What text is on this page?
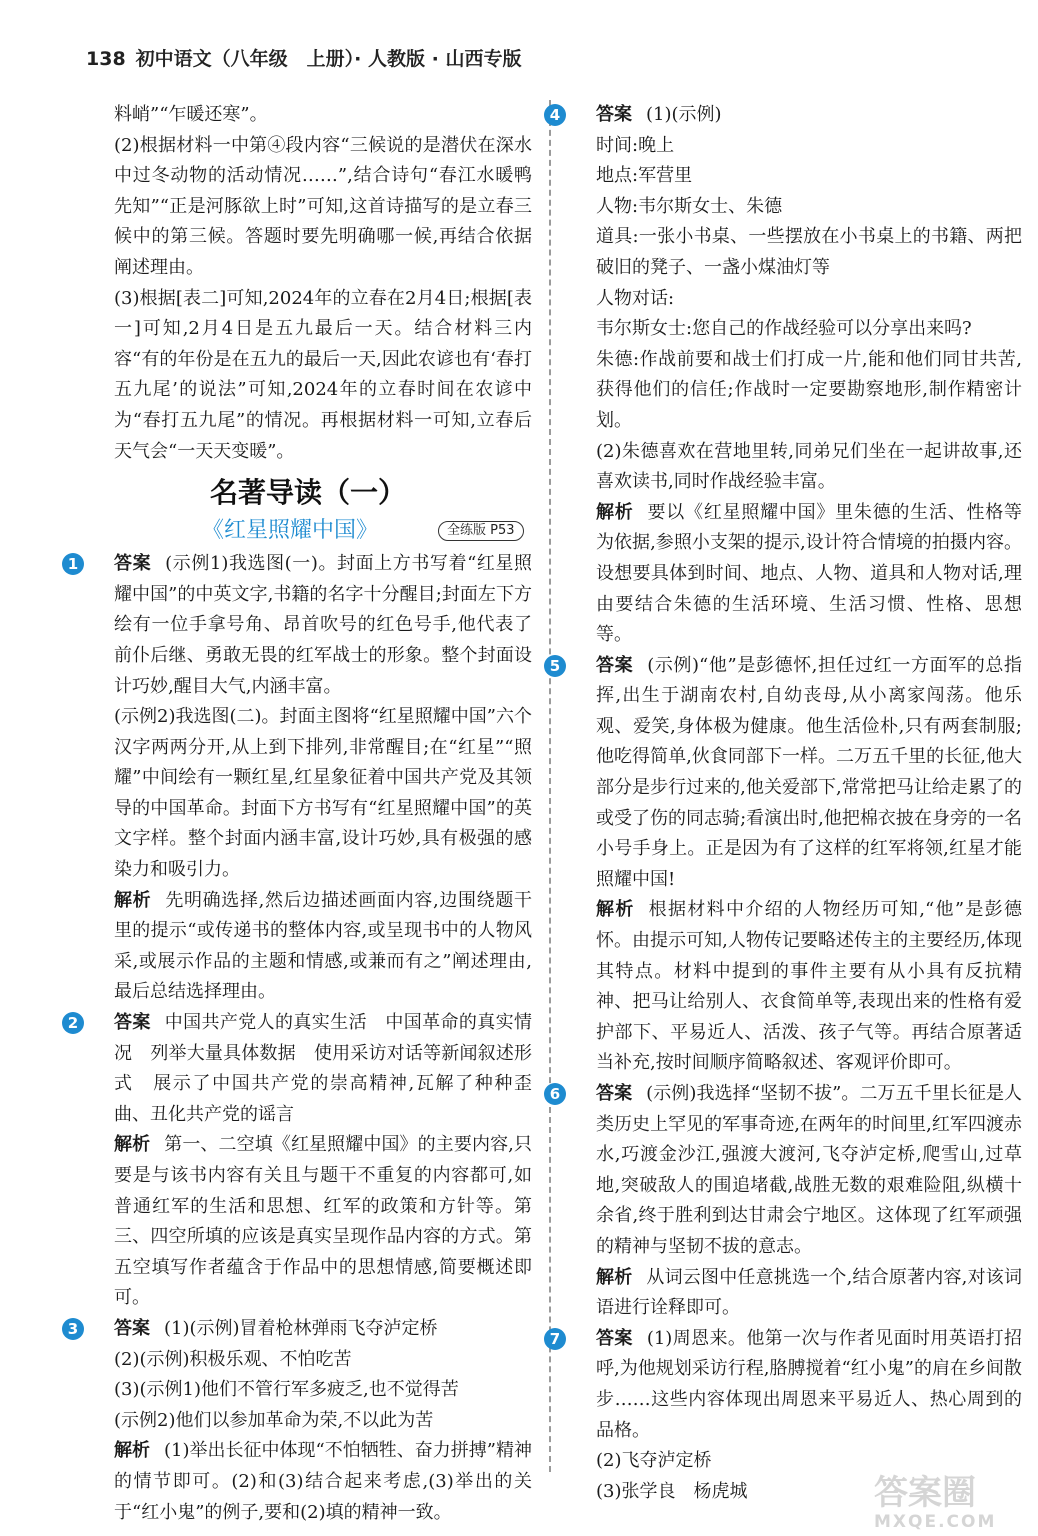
138 初中语文（八年级　上册）· 人教版 · 山西专版

料峭”“乍暖还寒”。

(2)根据材料一中第④段内容“三候说的是潜伏在深水中过冬动物的活动情况……”,结合诗句“春江水暖鸭先知”“正是河豚欲上时”可知,这首诗描写的是立春三候中的第三候。答题时要先明确哪一候,再结合依据阐述理由。

(3)根据[表二]可知,2024年的立春在2月4日;根据[表一]可知,2月4日是五九最后一天。结合材料三内容“有的年份是在五九的最后一天,因此农谚也有‘春打五九尾’的说法”可知,2024年的立春时间在农谚中为“春打五九尾”的情况。再根据材料一可知,立春后天气会“一天天变暖”。

名著导读（一）
《红星照耀中国》	全练版 P53

1	答案 (示例1)我选图(一)。封面上方书写着“红星照耀中国”的中英文字,书籍的名字十分醒目;封面左下方绘有一位手拿号角、昂首吹号的红色号手,他代表了前仆后继、勇敢无畏的红军战士的形象。整个封面设计巧妙,醒目大气,内涵丰富。

(示例2)我选图(二)。封面主图将“红星照耀中国”六个汉字两两分开,从上到下排列,非常醒目;在“红星”“照耀”中间绘有一颗红星,红星象征着中国共产党及其领导的中国革命。封面下方书写有“红星照耀中国”的英文字样。整个封面内涵丰富,设计巧妙,具有极强的感染力和吸引力。

解析 先明确选择,然后边描述画面内容,边围绕题干里的提示“或传递书的整体内容,或呈现书中的人物风采,或展示作品的主题和情感,或兼而有之”阐述理由,最后总结选择理由。

2	答案 中国共产党人的真实生活　中国革命的真实情况　列举大量具体数据　使用采访对话等新闻叙述形式　展示了中国共产党的崇高精神,瓦解了种种歪曲、丑化共产党的谣言

解析 第一、二空填《红星照耀中国》的主要内容,只要是与该书内容有关且与题干不重复的内容都可,如普通红军的生活和思想、红军的政策和方针等。第三、四空所填的应该是真实呈现作品内容的方式。第五空填写作者蕴含于作品中的思想情感,简要概述即可。

3	答案 (1)(示例)冒着枪林弹雨飞夺泸定桥

(2)(示例)积极乐观、不怕吃苦

(3)(示例1)他们不管行军多疲乏,也不觉得苦

(示例2)他们以参加革命为荣,不以此为苦

解析 (1)举出长征中体现“不怕牺牲、奋力拼搏”精神的情节即可。(2)和(3)结合起来考虑,(3)举出的关于“红小鬼”的例子,要和(2)填的精神一致。

4	答案 (1)(示例)

时间:晚上

地点:军营里

人物:韦尔斯女士、朱德

道具:一张小书桌、一些摆放在小书桌上的书籍、两把破旧的凳子、一盏小煤油灯等

人物对话:

韦尔斯女士:您自己的作战经验可以分享出来吗?

朱德:作战前要和战士们打成一片,能和他们同甘共苦,获得他们的信任;作战时一定要勘察地形,制作精密计划。

(2)朱德喜欢在营地里转,同弟兄们坐在一起讲故事,还喜欢读书,同时作战经验丰富。

解析 要以《红星照耀中国》里朱德的生活、性格等为依据,参照小支架的提示,设计符合情境的拍摄内容。设想要具体到时间、地点、人物、道具和人物对话,理由要结合朱德的生活环境、生活习惯、性格、思想等。

5	答案 (示例)“他”是彭德怀,担任过红一方面军的总指挥,出生于湖南农村,自幼丧母,从小离家闯荡。他乐观、爱笑,身体极为健康。他生活俭朴,只有两套制服;他吃得简单,伙食同部下一样。二万五千里的长征,他大部分是步行过来的,他关爱部下,常常把马让给走累了的或受了伤的同志骑;看演出时,他把棉衣披在身旁的一名小号手身上。正是因为有了这样的红军将领,红星才能照耀中国!

解析 根据材料中介绍的人物经历可知,“他”是彭德怀。由提示可知,人物传记要略述传主的主要经历,体现其特点。材料中提到的事件主要有从小具有反抗精神、把马让给别人、衣食简单等,表现出来的性格有爱护部下、平易近人、活泼、孩子气等。再结合原著适当补充,按时间顺序简略叙述、客观评价即可。

6	答案 (示例)我选择“坚韧不拔”。二万五千里长征是人类历史上罕见的军事奇迹,在两年的时间里,红军四渡赤水,巧渡金沙江,强渡大渡河,飞夺泸定桥,爬雪山,过草地,突破敌人的围追堵截,战胜无数的艰难险阻,纵横十余省,终于胜利到达甘肃会宁地区。这体现了红军顽强的精神与坚韧不拔的意志。

解析 从词云图中任意挑选一个,结合原著内容,对该词语进行诠释即可。

7	答案 (1)周恩来。他第一次与作者见面时用英语打招呼,为他规划采访行程,胳膊搅着“红小鬼”的肩在乡间散步……这些内容体现出周恩来平易近人、热心周到的品格。

(2)飞夺泸定桥

(3)张学良　杨虎城	答案圈
MXQE.COM
